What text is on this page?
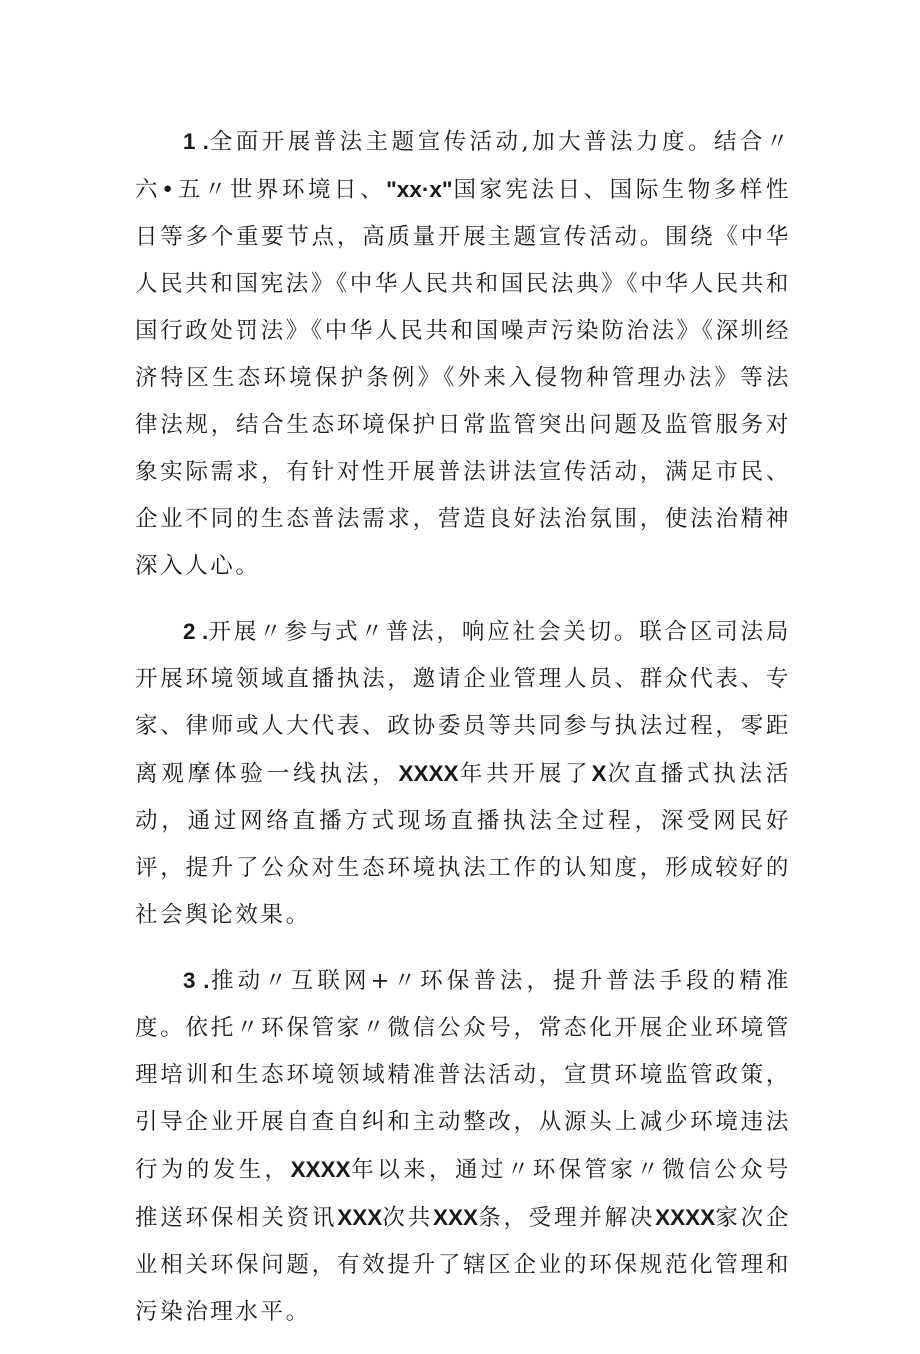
1 .全面开展普法主题宣传活动,加大普法力度。结合〃六•五〃世界环境日、"xx·x"国家宪法日、国际生物多样性日等多个重要节点，高质量开展主题宣传活动。围绕《中华人民共和国宪法》《中华人民共和国民法典》《中华人民共和国行政处罚法》《中华人民共和国噪声污染防治法》《深圳经济特区生态环境保护条例》《外来入侵物种管理办法》等法律法规，结合生态环境保护日常监管突出问题及监管服务对象实际需求，有针对性开展普法讲法宣传活动，满足市民、企业不同的生态普法需求，营造良好法治氛围，使法治精神深入人心。

2 .开展〃参与式〃普法，响应社会关切。联合区司法局开展环境领域直播执法，邀请企业管理人员、群众代表、专家、律师或人大代表、政协委员等共同参与执法过程，零距离观摩体验一线执法，XXXX年共开展了X次直播式执法活动，通过网络直播方式现场直播执法全过程，深受网民好评，提升了公众对生态环境执法工作的认知度，形成较好的社会舆论效果。

3 .推动〃互联网+〃环保普法，提升普法手段的精准度。依托〃环保管家〃微信公众号，常态化开展企业环境管理培训和生态环境领域精准普法活动，宣贯环境监管政策，引导企业开展自查自纠和主动整改，从源头上减少环境违法行为的发生，XXXX年以来，通过〃环保管家〃微信公众号推送环保相关资讯XXX次共XXX条，受理并解决XXXX家次企业相关环保问题，有效提升了辖区企业的环保规范化管理和污染治理水平。
